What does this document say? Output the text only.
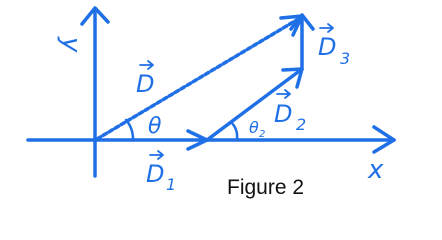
y
x
D 1
D 2
D 3
D
θ	θ 2
Figure 2
